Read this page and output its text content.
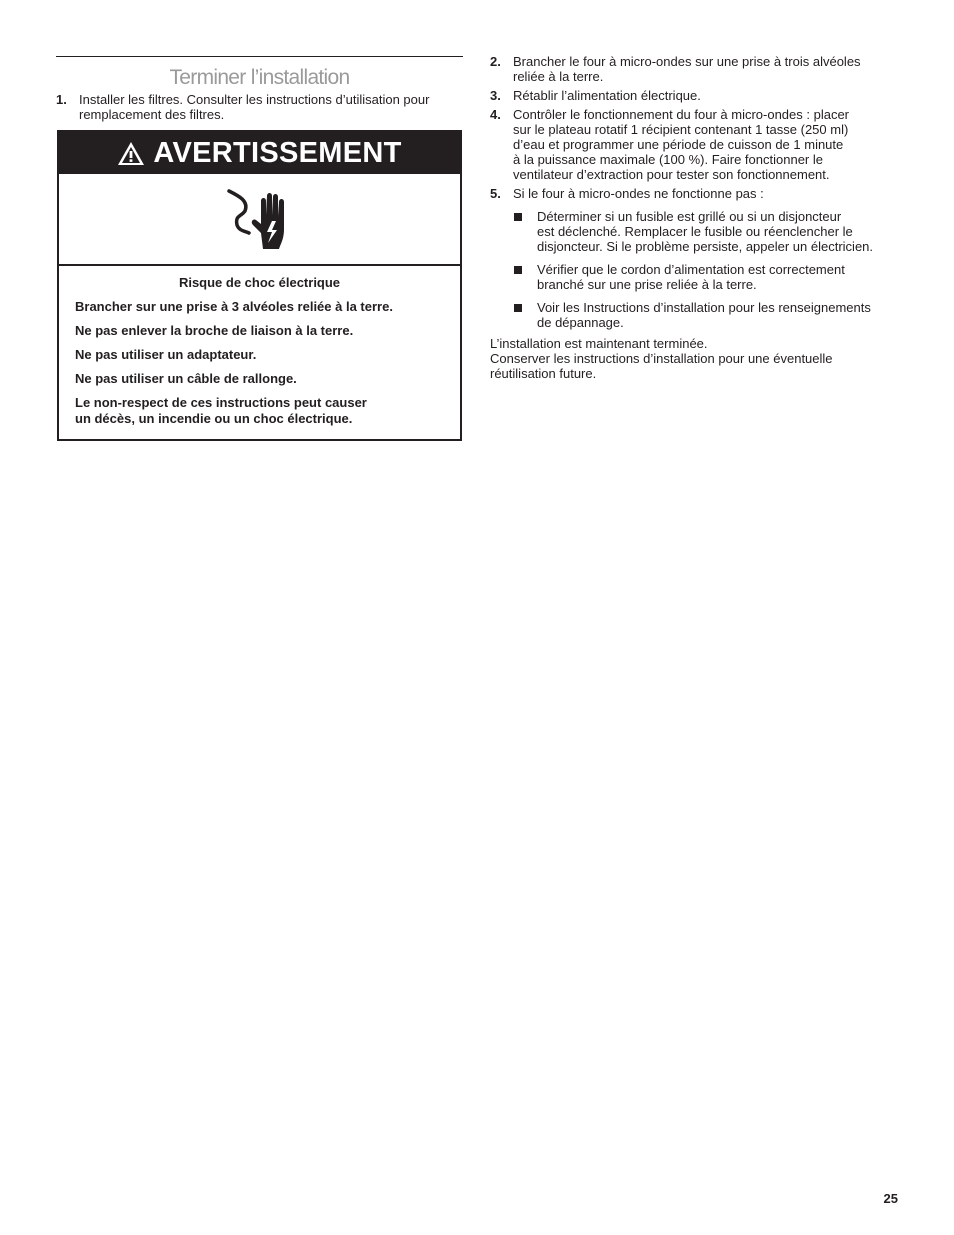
Terminer l’installation
1. Installer les filtres. Consulter les instructions d’utilisation pour
remplacement des filtres.
AVERTISSEMENT

Risque de choc électrique

Brancher sur une prise à 3 alvéoles reliée à la terre.

Ne pas enlever la broche de liaison à la terre.

Ne pas utiliser un adaptateur.

Ne pas utiliser un câble de rallonge.

Le non-respect de ces instructions peut causer
un décès, un incendie ou un choc électrique.

2. Brancher le four à micro-ondes sur une prise à trois alvéoles
reliée à la terre.
3. Rétablir l’alimentation électrique.
4. Contrôler le fonctionnement du four à micro-ondes : placer
sur le plateau rotatif 1 récipient contenant 1 tasse (250 ml)
d’eau et programmer une période de cuisson de 1 minute
à la puissance maximale (100 %). Faire fonctionner le
ventilateur d’extraction pour tester son fonctionnement.
5. Si le four à micro-ondes ne fonctionne pas :
Déterminer si un fusible est grillé ou si un disjoncteur
est déclenché. Remplacer le fusible ou réenclencher le
disjoncteur. Si le problème persiste, appeler un électricien.
Vérifier que le cordon d’alimentation est correctement
branché sur une prise reliée à la terre.
Voir les Instructions d’installation pour les renseignements
de dépannage.
L’installation est maintenant terminée.
Conserver les instructions d’installation pour une éventuelle
réutilisation future.
25
